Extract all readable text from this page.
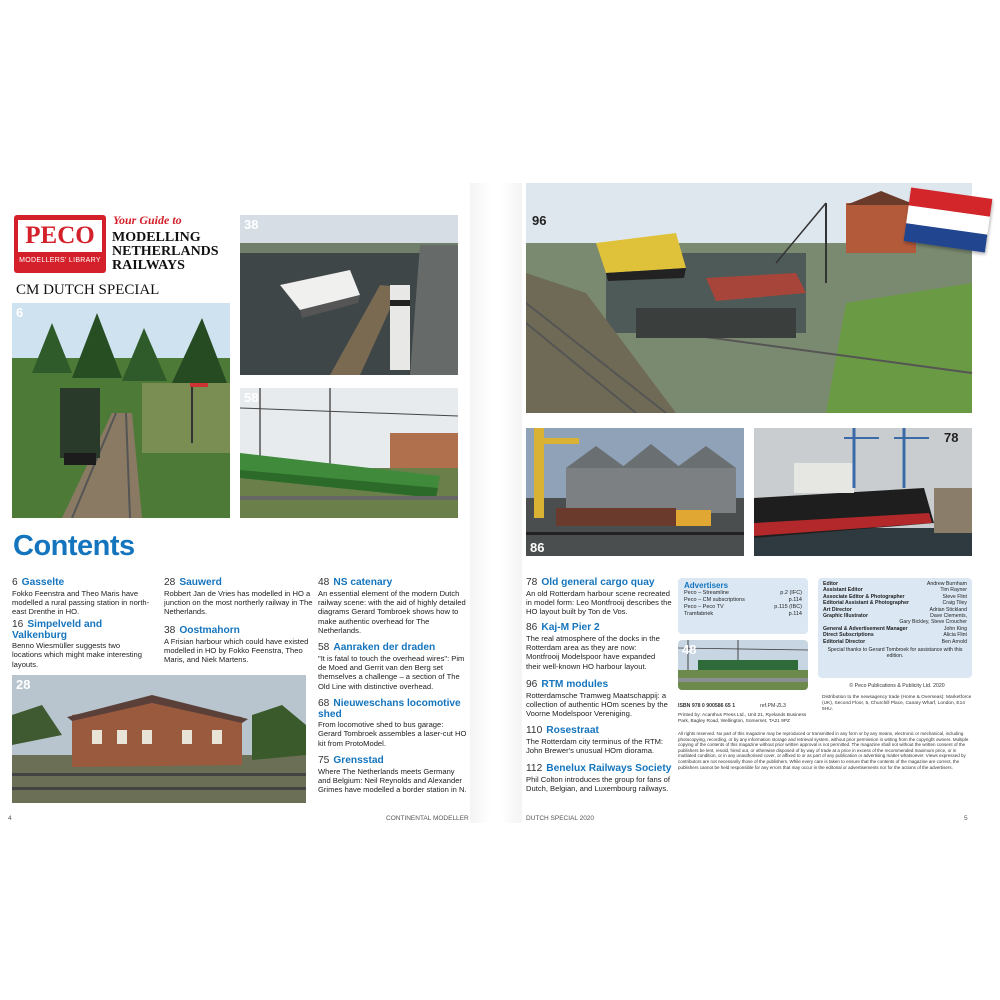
PECO
MODELLERS' LIBRARY
Your Guide to
MODELLING
NETHERLANDS
RAILWAYS
CM DUTCH SPECIAL
6
38
58
Contents
6 Gasselte
Fokko Feenstra and Theo Maris have modelled a rural passing station in north-east Drenthe in HO.
16 Simpelveld and Valkenburg
Benno Wiesmüller suggests two locations which might make interesting layouts.
28 Sauwerd
Robbert Jan de Vries has modelled in HO a junction on the most northerly railway in The Netherlands.
38 Oostmahorn
A Frisian harbour which could have existed modelled in HO by Fokko Feenstra, Theo Maris, and Niek Martens.
48 NS catenary
An essential element of the modern Dutch railway scene: with the aid of highly detailed diagrams Gerard Tombroek shows how to make authentic overhead for The Netherlands.
58 Aanraken der draden
"It is fatal to touch the overhead wires": Pim de Moed and Gerrit van den Berg set themselves a challenge – a section of The Old Line with distinctive overhead.
68 Nieuweschans locomotive shed
From locomotive shed to bus garage: Gerard Tombroek assembles a laser-cut HO kit from ProtoModel.
75 Grensstad
Where The Netherlands meets Germany and Belgium: Neil Reynolds and Alexander Grimes have modelled a border station in N.
28
4	CONTINENTAL MODELLER
96
86
78
78 Old general cargo quay
An old Rotterdam harbour scene recreated in model form: Leo Montfrooij describes the HO layout built by Ton de Vos.
86 Kaj-M Pier 2
The real atmosphere of the docks in the Rotterdam area as they are now: Montfrooij Modelspoor have expanded their well-known HO harbour layout.
96 RTM modules
Rotterdamsche Tramweg Maatschappij: a collection of authentic HOm scenes by the Voorne Modelspoor Vereniging.
110 Rosestraat
The Rotterdam city terminus of the RTM: John Brewer's unusual HOm diorama.
112 Benelux Railways Society
Phil Colton introduces the group for fans of Dutch, Belgian, and Luxembourg railways.
Advertisers
Peco – Streamline	p.2 (IFC)
Peco – CM subscriptions	p.114
Peco – Peco TV	p.115 (IBC)
Tramfabriek	p.114
Editor	Andrew Burnham
Assistant Editor	Tim Rayner
Associate Editor & Photographer	Steve Flint
Editorial Assistant & Photographer	Craig Tiley
Art Director	Adrian Stickland
Graphic Illustrator	Dave Clements,
Gary Bickley, Steve Croucher
General & Advertisement Manager	John King
Direct Subscriptions	Alicia Flint
Editorial Director	Ben Arnold
Special thanks to Gerard Tombroek for assistance with this edition.
48
ISBN 978 0 900586 65 1	ref.PM-ZL3
© Peco Publications & Publicity Ltd. 2020
Printed by: Acanthus Press Ltd., Unit 21, Ryelands Business Park, Bagley Road, Wellington, Somerset, TA21 9PZ
Distribution to the newsagency trade (Home & Overseas): Marketforce (UK), Second Floor, 5, Churchill Place, Canary Wharf, London, E14 5HU.
All rights reserved. No part of this magazine may be reproduced or transmitted in any form or by any means, electronic or mechanical, including photocopying, recording, or by any information storage and retrieval system, without prior permission in writing from the copyright owners. Multiple copying of the contents of this magazine without prior written approval is not permitted. The magazine shall not without the written consent of the publishers be lent, resold, hired out, or otherwise disposed of by way of trade at a price in excess of the recommended maximum price, or in mutilated condition, or in any unauthorised cover, or affixed to or as part of any publication or advertising matter whatsoever. Views expressed by contributors are not necessarily those of the publishers. While every care is taken to ensure that the contents of the magazine are correct, the publishers cannot be held responsible for any errors that may occur in the editorial or advertisements nor for the actions of the advertisers.
DUTCH SPECIAL 2020	5
